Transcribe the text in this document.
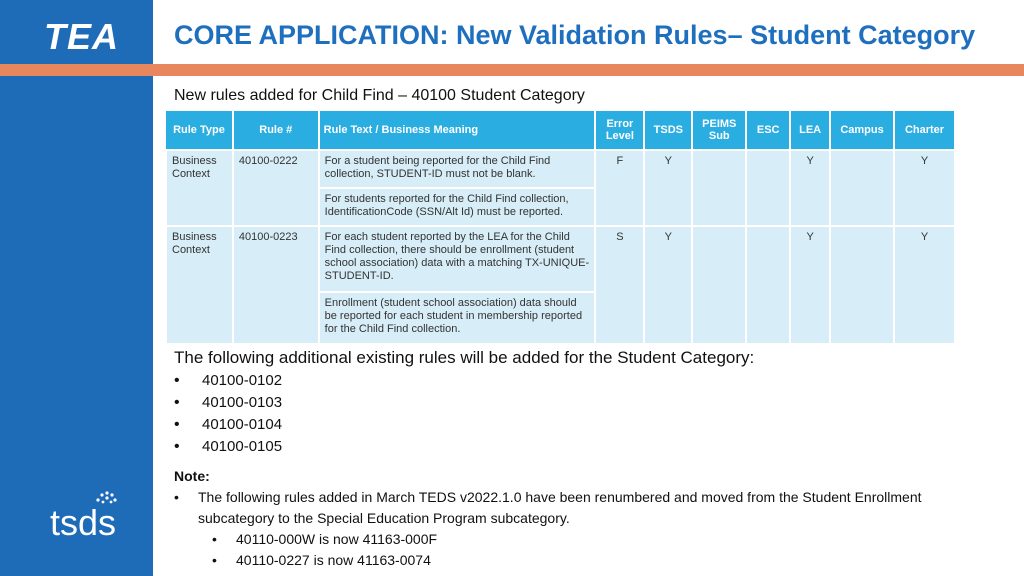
TEA
tsds
CORE APPLICATION: New Validation Rules– Student Category
New rules added for Child Find – 40100 Student Category
Rule Type	Rule #	Rule Text / Business Meaning	Error Level	TSDS	PEIMS Sub	ESC	LEA	Campus	Charter
Business Context	40100-0222	For a student being reported for the Child Find collection, STUDENT-ID must not be blank.	F	Y			Y		Y
		For students reported for the Child Find collection, IdentificationCode (SSN/Alt Id) must be reported.							
Business Context	40100-0223	For each student reported by the LEA for the Child Find collection, there should be enrollment (student school association) data with a matching TX-UNIQUE-STUDENT-ID.	S	Y			Y		Y
		Enrollment (student school association) data should be reported for each student in membership reported for the Child Find collection.							
The following additional existing rules will be added for the Student Category:
• 40100-0102
• 40100-0103
• 40100-0104
• 40100-0105
Note:
• The following rules added in March TEDS v2022.1.0 have been renumbered and moved from the Student Enrollment subcategory to the Special Education Program subcategory.
• 40110-000W is now 41163-000F
• 40110-0227 is now 41163-0074
